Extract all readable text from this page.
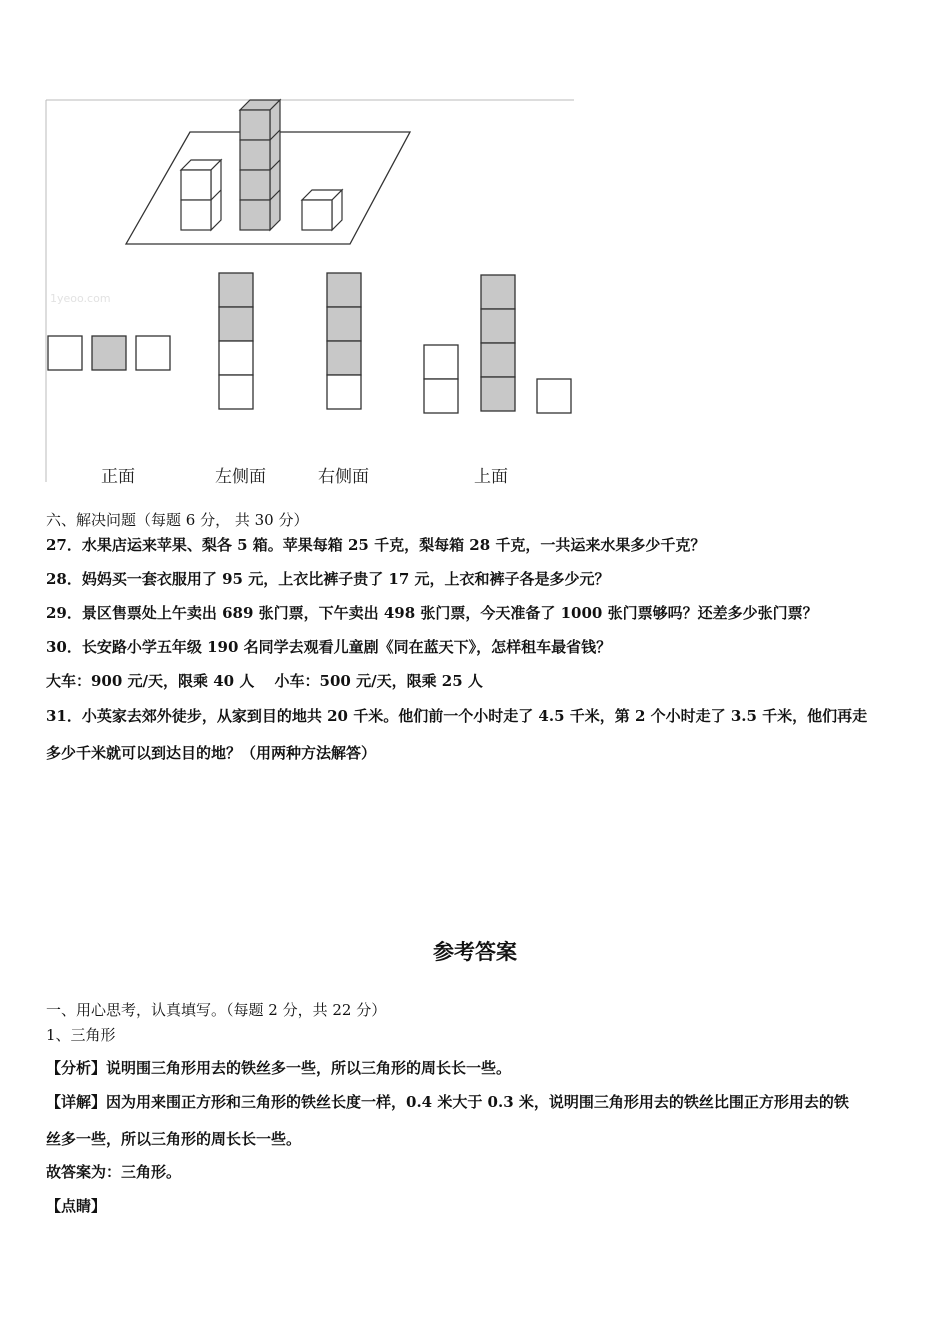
1yeoo.com
正面	左侧面	右侧面	上面
六、解决问题（每题 6 分， 共 30 分）
27．水果店运来苹果、梨各 5 箱。苹果每箱 25 千克，梨每箱 28 千克，一共运来水果多少千克？
28．妈妈买一套衣服用了 95 元，上衣比裤子贵了 17 元，上衣和裤子各是多少元？
29．景区售票处上午卖出 689 张门票，下午卖出 498 张门票，今天准备了 1000 张门票够吗？还差多少张门票？
30．长安路小学五年级 190 名同学去观看儿童剧《同在蓝天下》，怎样租车最省钱？
大车：900 元/天，限乘 40 人　 小车：500 元/天，限乘 25 人
31．小英家去郊外徒步，从家到目的地共 20 千米。他们前一个小时走了 4.5 千米，第 2 个小时走了 3.5 千米，他们再走
多少千米就可以到达目的地？（用两种方法解答）
参考答案
一、用心思考，认真填写。（每题 2 分，共 22 分）
1、三角形
【分析】说明围三角形用去的铁丝多一些，所以三角形的周长长一些。
【详解】因为用来围正方形和三角形的铁丝长度一样，0.4 米大于 0.3 米，说明围三角形用去的铁丝比围正方形用去的铁
丝多一些，所以三角形的周长长一些。
故答案为：三角形。
【点睛】
